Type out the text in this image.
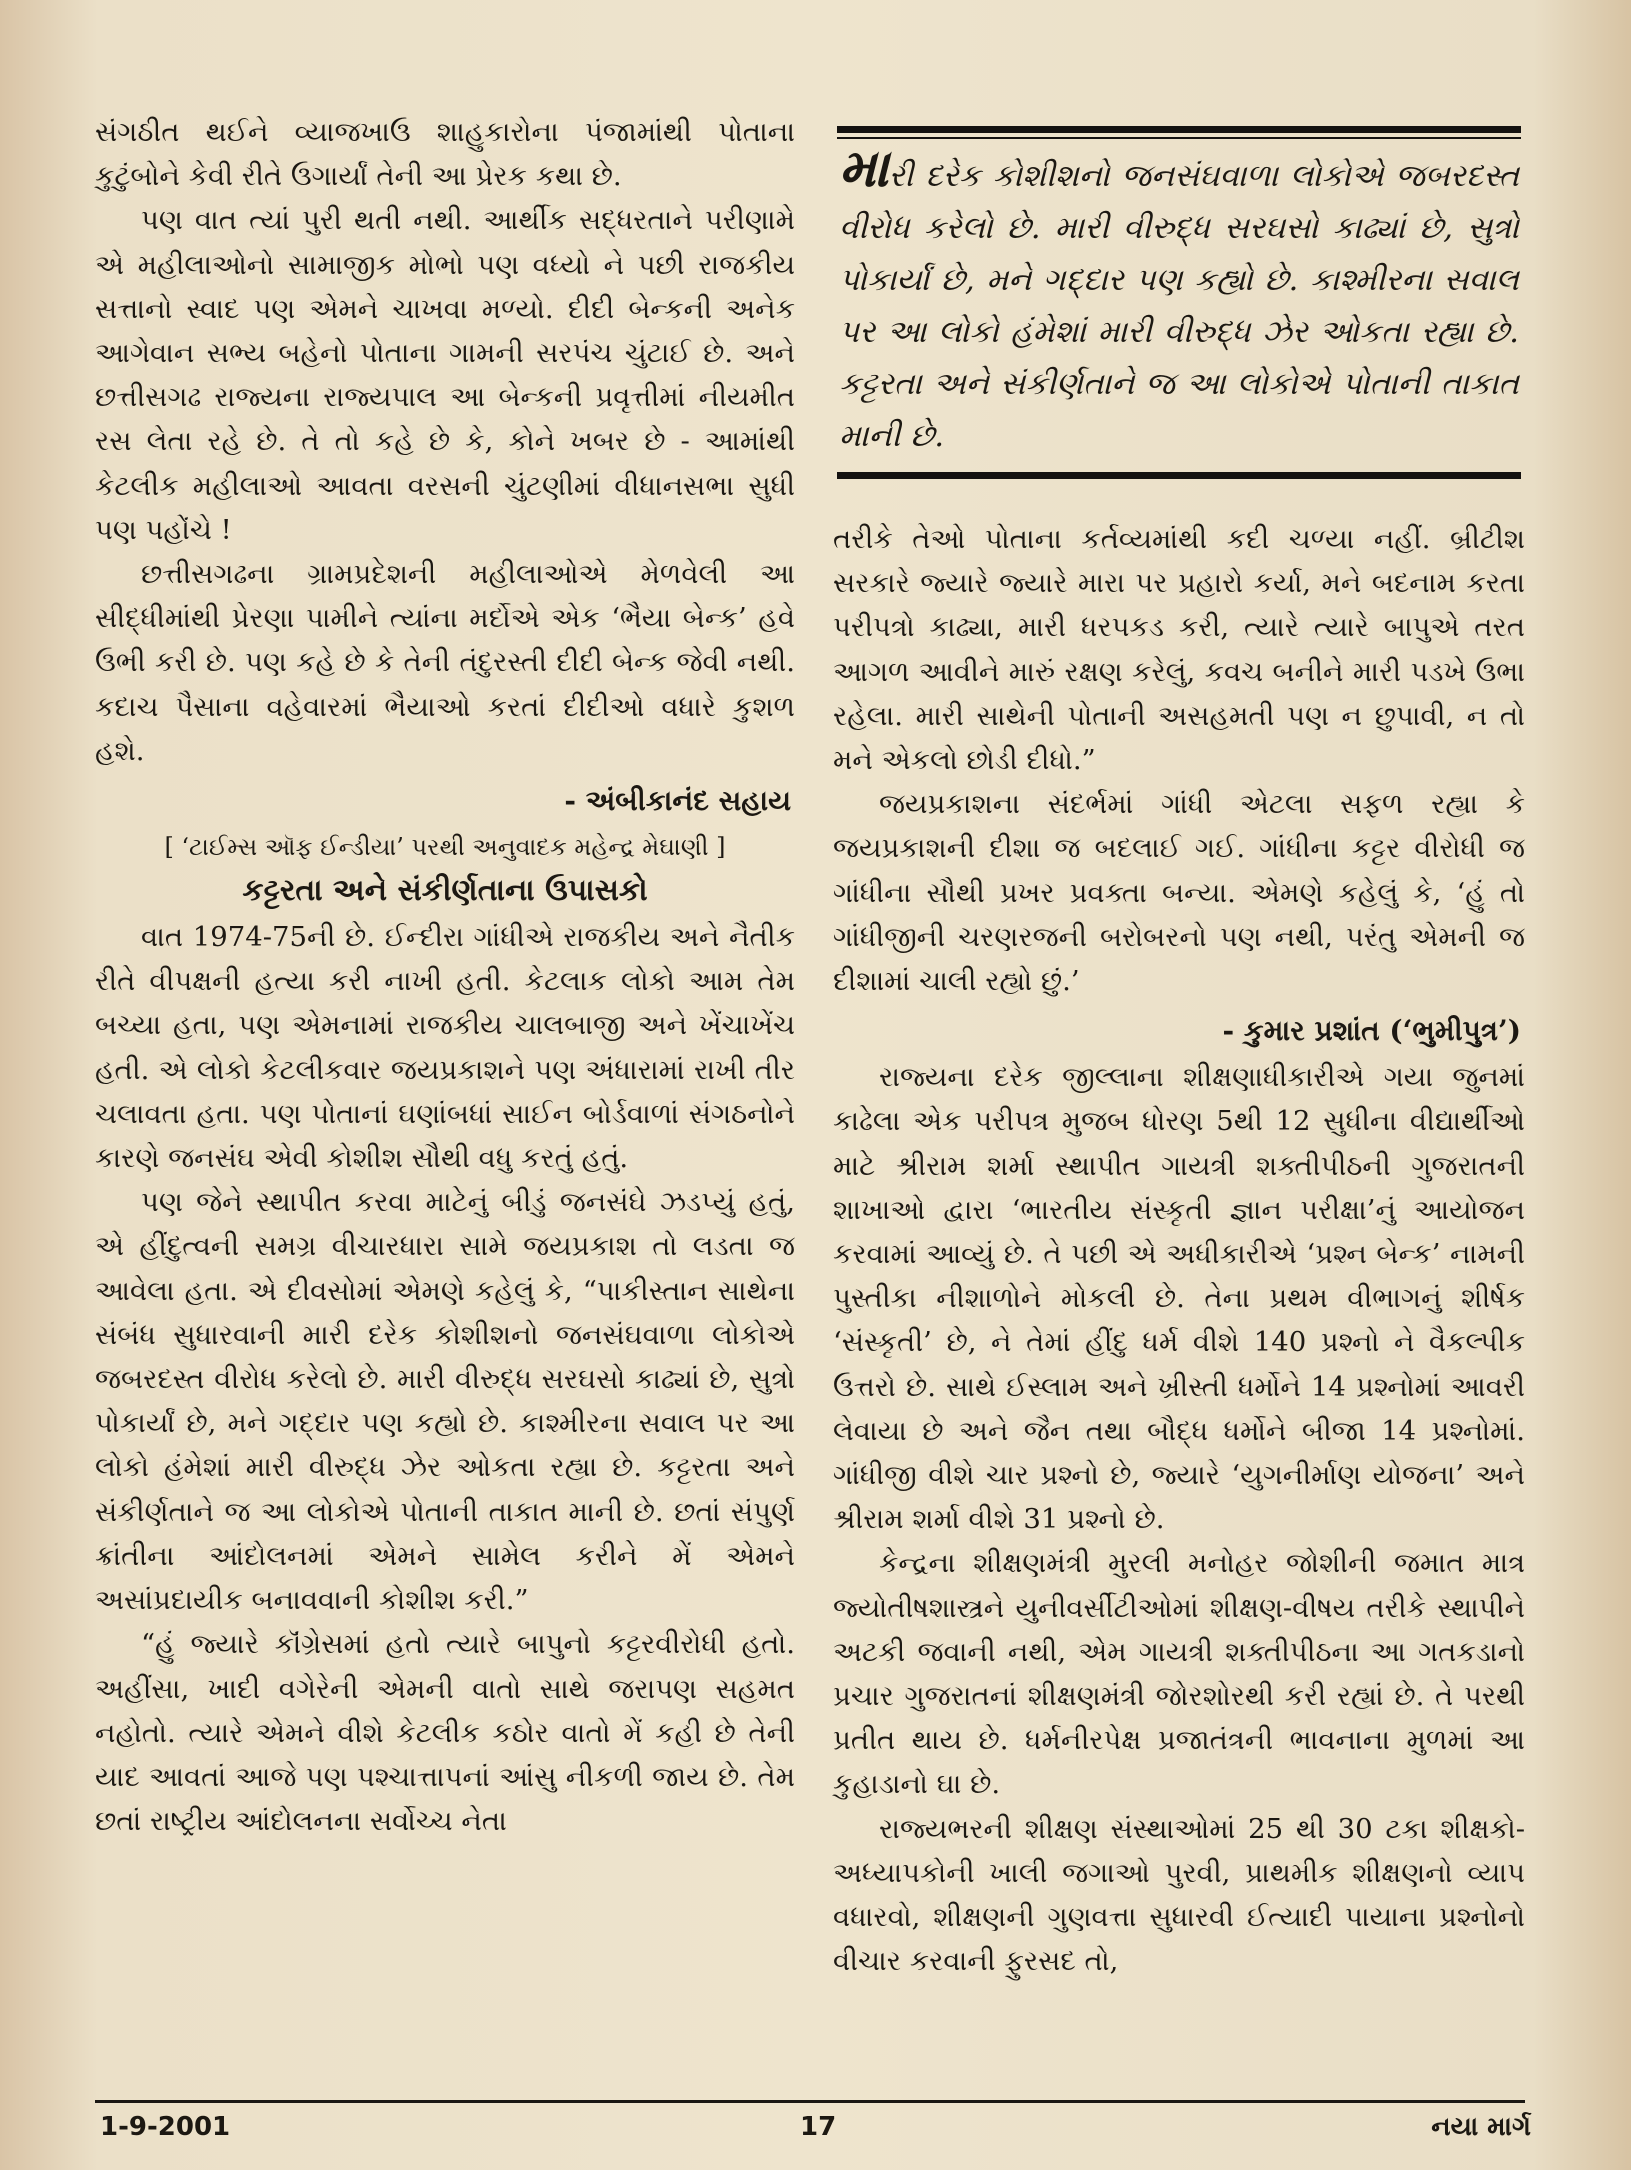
સંગઠીત થઈને વ્યાજખાઉ શાહુકારોના પંજામાંથી પોતાના કુટુંબોને કેવી રીતે ઉગાર્યાં તેની આ પ્રેરક કથા છે.

પણ વાત ત્યાં પુરી થતી નથી. આર્થીક સદ્ધરતાને પરીણામે એ મહીલાઓનો સામાજીક મોભો પણ વધ્યો ને પછી રાજકીય સત્તાનો સ્વાદ પણ એમને ચાખવા મળ્યો. દીદી બેન્કની અનેક આગેવાન સભ્ય બહેનો પોતાના ગામની સરપંચ ચુંટાઈ છે. અને છત્તીસગઢ રાજ્યના રાજ્યપાલ આ બેન્કની પ્રવૃત્તીમાં નીયમીત રસ લેતા રહે છે. તે તો કહે છે કે, કોને ખબર છે - આમાંથી કેટલીક મહીલાઓ આવતા વરસની ચુંટણીમાં વીધાનસભા સુધી પણ પહોંચે !

છત્તીસગઢના ગ્રામપ્રદેશની મહીલાઓએ મેળવેલી આ સીદ્ધીમાંથી પ્રેરણા પામીને ત્યાંના મર્દોએ એક ‘ભૈયા બેન્ક’ હવે ઉભી કરી છે. પણ કહે છે કે તેની તંદુરસ્તી દીદી બેન્ક જેવી નથી. કદાચ પૈસાના વહેવારમાં ભૈયાઓ કરતાં દીદીઓ વધારે કુશળ હશે.

- અંબીકાનંદ સહાય
[ ‘ટાઈમ્સ ઑફ ઈન્ડીયા’ પરથી અનુવાદક મહેન્દ્ર મેઘાણી ]
કટ્ટરતા અને સંકીર્ણતાના ઉપાસકો

વાત 1974-75ની છે. ઈન્દીરા ગાંધીએ રાજકીય અને નૈતીક રીતે વીપક્ષની હત્યા કરી નાખી હતી. કેટલાક લોકો આમ તેમ બચ્યા હતા, પણ એમનામાં રાજકીય ચાલબાજી અને ખેંચાખેંચ હતી. એ લોકો કેટલીકવાર જયપ્રકાશને પણ અંધારામાં રાખી તીર ચલાવતા હતા. પણ પોતાનાં ઘણાંબધાં સાઈન બોર્ડવાળાં સંગઠનોને કારણે જનસંઘ એવી કોશીશ સૌથી વધુ કરતું હતું.

પણ જેને સ્થાપીત કરવા માટેનું બીડું જનસંઘે ઝડપ્યું હતું, એ હીંદુત્વની સમગ્ર વીચારધારા સામે જયપ્રકાશ તો લડતા જ આવેલા હતા. એ દીવસોમાં એમણે કહેલું કે, “પાકીસ્તાન સાથેના સંબંધ સુધારવાની મારી દરેક કોશીશનો જનસંઘવાળા લોકોએ જબરદસ્ત વીરોધ કરેલો છે. મારી વીરુદ્ધ સરઘસો કાઢ્યાં છે, સુત્રો પોકાર્યાં છે, મને ગદ્દાર પણ કહ્યો છે. કાશ્મીરના સવાલ પર આ લોકો હંમેશાં મારી વીરુદ્ધ ઝેર ઓકતા રહ્યા છે. કટ્ટરતા અને સંકીર્ણતાને જ આ લોકોએ પોતાની તાકાત માની છે. છતાં સંપુર્ણ ક્રાંતીના આંદોલનમાં એમને સામેલ કરીને મેં એમને અસાંપ્રદાયીક બનાવવાની કોશીશ કરી.”

“હું જ્યારે કૉંગ્રેસમાં હતો ત્યારે બાપુનો કટ્ટરવીરોધી હતો. અહીંસા, ખાદી વગેરેની એમની વાતો સાથે જરાપણ સહમત નહોતો. ત્યારે એમને વીશે કેટલીક કઠોર વાતો મેં કહી છે તેની યાદ આવતાં આજે પણ પશ્ચાત્તાપનાં આંસુ નીકળી જાય છે. તેમ છતાં રાષ્ટ્રીય આંદોલનના સર્વોચ્ચ નેતા

મારી દરેક કોશીશનો જનસંઘવાળા લોકોએ જબરદસ્ત વીરોધ કરેલો છે. મારી વીરુદ્ધ સરઘસો કાઢ્યાં છે, સુત્રો પોકાર્યાં છે, મને ગદ્દાર પણ કહ્યો છે. કાશ્મીરના સવાલ પર આ લોકો હંમેશાં મારી વીરુદ્ધ ઝેર ઓકતા રહ્યા છે. કટ્ટરતા અને સંકીર્ણતાને જ આ લોકોએ પોતાની તાકાત માની છે.

તરીકે તેઓ પોતાના કર્તવ્યમાંથી કદી ચળ્યા નહીં. બ્રીટીશ સરકારે જ્યારે જ્યારે મારા પર પ્રહારો કર્યા, મને બદનામ કરતા પરીપત્રો કાઢ્યા, મારી ધરપકડ કરી, ત્યારે ત્યારે બાપુએ તરત આગળ આવીને મારું રક્ષણ કરેલું, કવચ બનીને મારી પડખે ઉભા રહેલા. મારી સાથેની પોતાની અસહમતી પણ ન છુપાવી, ન તો મને એકલો છોડી દીધો.”

જયપ્રકાશના સંદર્ભમાં ગાંધી એટલા સફળ રહ્યા કે જયપ્રકાશની દીશા જ બદલાઈ ગઈ. ગાંધીના કટ્ટર વીરોધી જ ગાંધીના સૌથી પ્રખર પ્રવક્તા બન્યા. એમણે કહેલું કે, ‘હું તો ગાંધીજીની ચરણરજની બરોબરનો પણ નથી, પરંતુ એમની જ દીશામાં ચાલી રહ્યો છું.’

- કુમાર પ્રશાંત (‘ભુમીપુત્ર’)

રાજ્યના દરેક જીલ્લાના શીક્ષણાધીકારીએ ગયા જુનમાં કાઢેલા એક પરીપત્ર મુજબ ધોરણ 5થી 12 સુધીના વીદ્યાર્થીઓ માટે શ્રીરામ શર્મા સ્થાપીત ગાયત્રી શક્તીપીઠની ગુજરાતની શાખાઓ દ્વારા ‘ભારતીય સંસ્કૃતી જ્ઞાન પરીક્ષા’નું આયોજન કરવામાં આવ્યું છે. તે પછી એ અધીકારીએ ‘પ્રશ્ન બેન્ક’ નામની પુસ્તીકા નીશાળોને મોકલી છે. તેના પ્રથમ વીભાગનું શીર્ષક ‘સંસ્કૃતી’ છે, ને તેમાં હીંદુ ધર્મ વીશે 140 પ્રશ્નો ને વૈકલ્પીક ઉત્તરો છે. સાથે ઈસ્લામ અને ખ્રીસ્તી ધર્મોને 14 પ્રશ્નોમાં આવરી લેવાયા છે અને જૈન તથા બૌદ્ધ ધર્મોને બીજા 14 પ્રશ્નોમાં. ગાંધીજી વીશે ચાર પ્રશ્નો છે, જ્યારે ‘યુગનીર્માણ યોજના’ અને શ્રીરામ શર્મા વીશે 31 પ્રશ્નો છે.

કેન્દ્રના શીક્ષણમંત્રી મુરલી મનોહર જોશીની જમાત માત્ર જ્યોતીષશાસ્ત્રને યુનીવર્સીટીઓમાં શીક્ષણ-વીષય તરીકે સ્થાપીને અટકી જવાની નથી, એમ ગાયત્રી શક્તીપીઠના આ ગતકડાનો પ્રચાર ગુજરાતનાં શીક્ષણમંત્રી જોરશોરથી કરી રહ્યાં છે. તે પરથી પ્રતીત થાય છે. ધર્મનીરપેક્ષ પ્રજાતંત્રની ભાવનાના મુળમાં આ કુહાડાનો ઘા છે.

રાજ્યભરની શીક્ષણ સંસ્થાઓમાં 25 થી 30 ટકા શીક્ષકો-અધ્યાપકોની ખાલી જગાઓ પુરવી, પ્રાથમીક શીક્ષણનો વ્યાપ વધારવો, શીક્ષણની ગુણવત્તા સુધારવી ઈત્યાદી પાયાના પ્રશ્નોનો વીચાર કરવાની ફુરસદ તો,

1-9-2001	17	નયા માર્ગ
